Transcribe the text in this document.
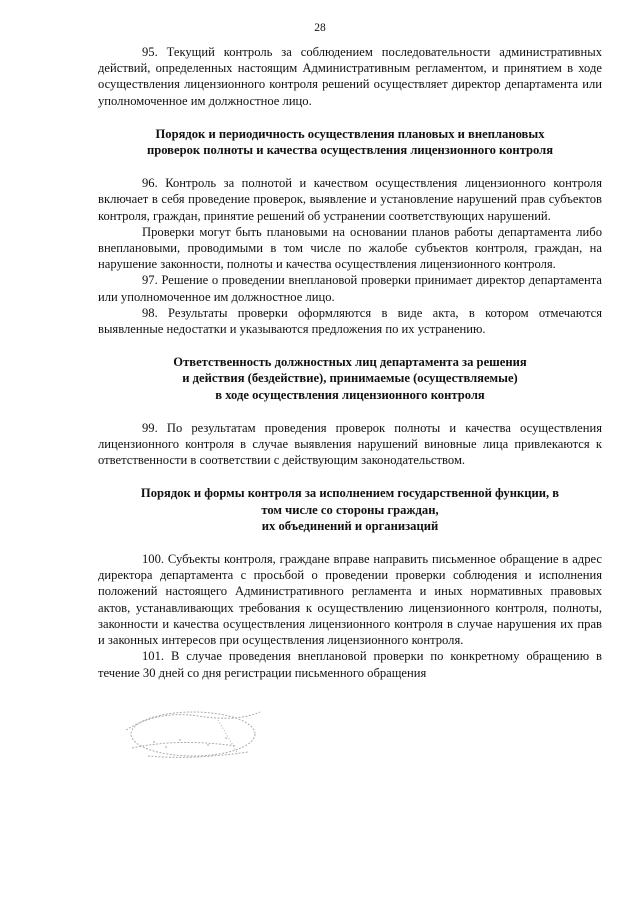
28

95. Текущий контроль за соблюдением последовательности административных действий, определенных настоящим Административным регламентом, и принятием в ходе осуществления лицензионного контроля решений осуществляет директор департамента или уполномоченное им должностное лицо.

Порядок и периодичность осуществления плановых и внеплановых

проверок полноты и качества осуществления лицензионного контроля

96. Контроль за полнотой и качеством осуществления лицензионного контроля включает в себя проведение проверок, выявление и установление нарушений прав субъектов контроля, граждан, принятие решений об устранении соответствующих нарушений.

Проверки могут быть плановыми на основании планов работы департамента либо внеплановыми, проводимыми в том числе по жалобе субъектов контроля, граждан, на нарушение законности, полноты и качества осуществления лицензионного контроля.

97. Решение о проведении внеплановой проверки принимает директор департамента или уполномоченное им должностное лицо.

98. Результаты проверки оформляются в виде акта, в котором отмечаются выявленные недостатки и указываются предложения по их устранению.

Ответственность должностных лиц департамента за решения

и действия (бездействие), принимаемые (осуществляемые)

в ходе осуществления лицензионного контроля

99. По результатам проведения проверок полноты и качества осуществления лицензионного контроля в случае выявления нарушений виновные лица привлекаются к ответственности в соответствии с действующим законодательством.

Порядок и формы контроля за исполнением государственной функции, в

том числе со стороны граждан,

их объединений и организаций

100. Субъекты контроля, граждане вправе направить письменное обращение в адрес директора департамента с просьбой о проведении проверки соблюдения и исполнения положений настоящего Административного регламента и иных нормативных правовых актов, устанавливающих требования к осуществлению лицензионного контроля, полноты, законности и качества осуществления лицензионного контроля в случае нарушения их прав и законных интересов при осуществления лицензионного контроля.

101. В случае проведения внеплановой проверки по конкретному обращению в течение 30 дней со дня регистрации письменного обращения
